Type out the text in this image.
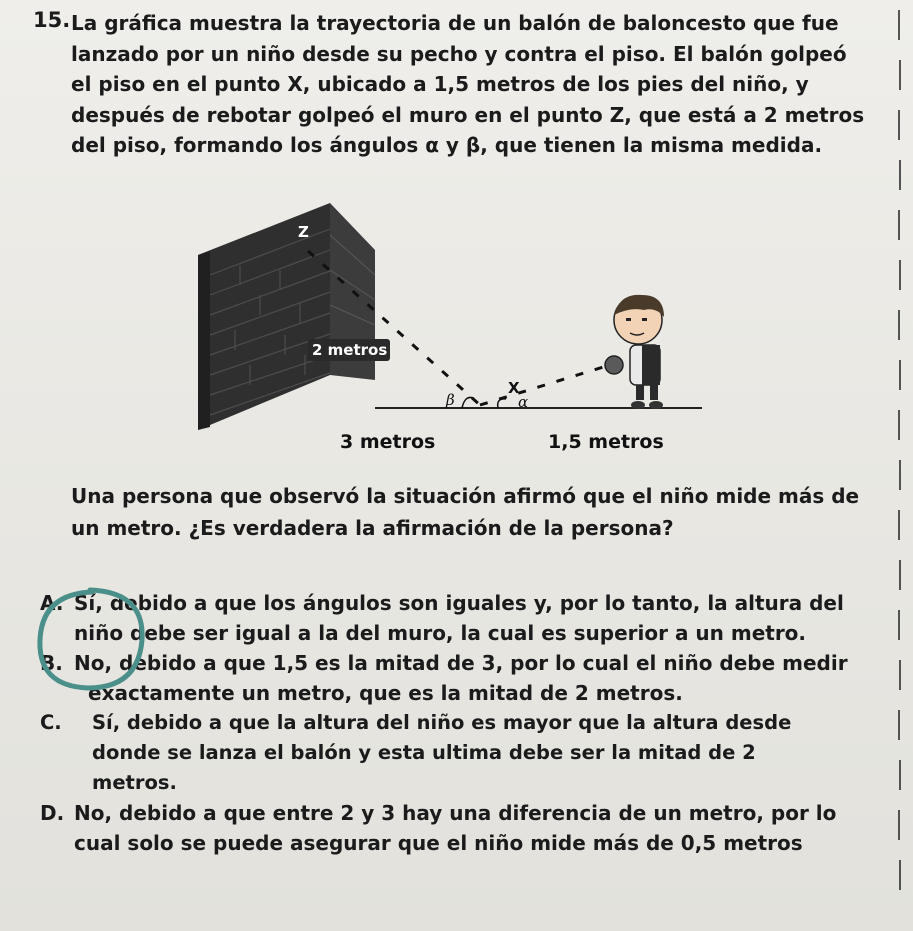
15. La gráfica muestra la trayectoria de un balón de baloncesto que fue
lanzado por un niño desde su pecho y contra el piso. El balón golpeó
el piso en el punto X, ubicado a 1,5 metros de los pies del niño, y
después de rebotar golpeó el muro en el punto Z, que está a 2 metros
del piso, formando los ángulos α y β, que tienen la misma medida.
Z
2 metros
X
β	α
3 metros	1,5 metros
Una persona que observó la situación afirmó que el niño mide más de
un metro. ¿Es verdadera la afirmación de la persona?
A. Sí, debido a que los ángulos son iguales y, por lo tanto, la altura del
niño debe ser igual a la del muro, la cual es superior a un metro.
B. No, debido a que 1,5 es la mitad de 3, por lo cual el niño debe medir
exactamente un metro, que es la mitad de 2 metros.
C. Sí, debido a que la altura del niño es mayor que la altura desde
donde se lanza el balón y esta ultima debe ser la mitad de 2
metros.
D. No, debido a que entre 2 y 3 hay una diferencia de un metro, por lo
cual solo se puede asegurar que el niño mide más de 0,5 metros
